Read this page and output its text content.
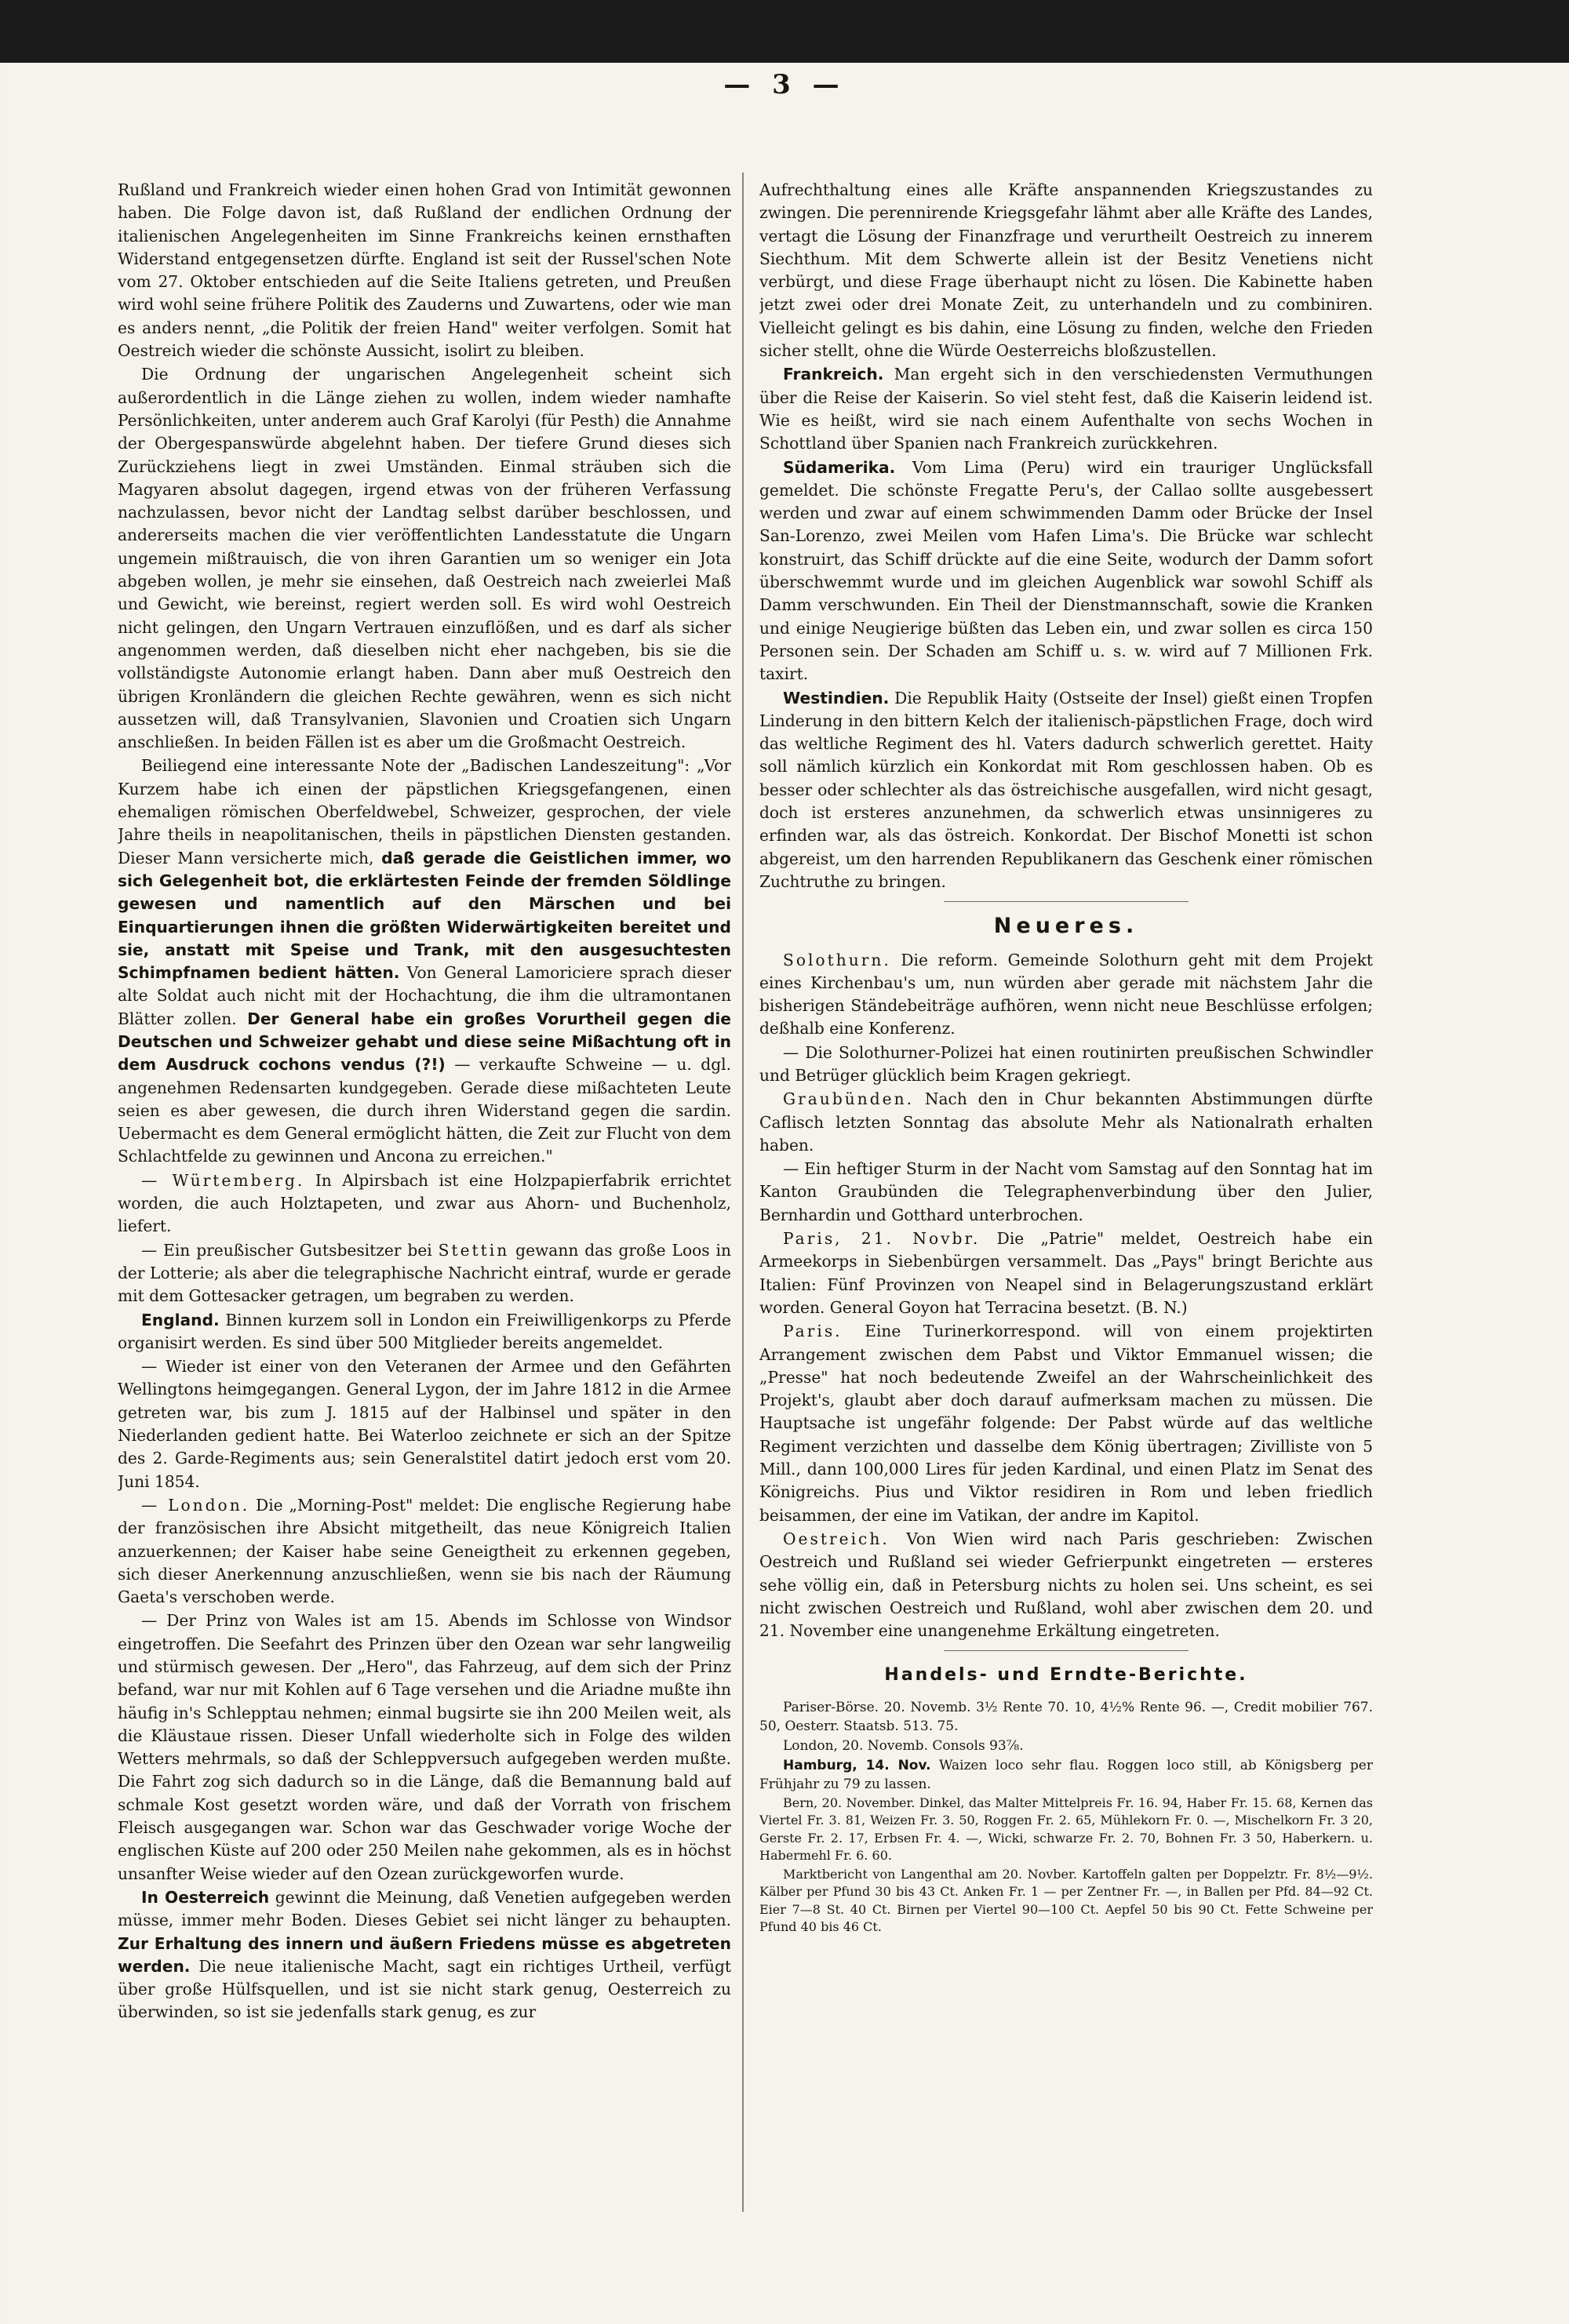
— 3 —

Rußland und Frankreich wieder einen hohen Grad von Intimität gewonnen haben. Die Folge davon ist, daß Rußland der endlichen Ordnung der italienischen Angelegenheiten im Sinne Frankreichs keinen ernsthaften Widerstand entgegensetzen dürfte. England ist seit der Russel'schen Note vom 27. Oktober entschieden auf die Seite Italiens getreten, und Preußen wird wohl seine frühere Politik des Zauderns und Zuwartens, oder wie man es anders nennt, „die Politik der freien Hand" weiter verfolgen. Somit hat Oestreich wieder die schönste Aussicht, isolirt zu bleiben.

Die Ordnung der ungarischen Angelegenheit scheint sich außerordentlich in die Länge ziehen zu wollen, indem wieder namhafte Persönlichkeiten, unter anderem auch Graf Karolyi (für Pesth) die Annahme der Obergespanswürde abgelehnt haben. Der tiefere Grund dieses sich Zurückziehens liegt in zwei Umständen. Einmal sträuben sich die Magyaren absolut dagegen, irgend etwas von der früheren Verfassung nachzulassen, bevor nicht der Landtag selbst darüber beschlossen, und andererseits machen die vier veröffentlichten Landesstatute die Ungarn ungemein mißtrauisch, die von ihren Garantien um so weniger ein Jota abgeben wollen, je mehr sie einsehen, daß Oestreich nach zweierlei Maß und Gewicht, wie bereinst, regiert werden soll. Es wird wohl Oestreich nicht gelingen, den Ungarn Vertrauen einzuflößen, und es darf als sicher angenommen werden, daß dieselben nicht eher nachgeben, bis sie die vollständigste Autonomie erlangt haben. Dann aber muß Oestreich den übrigen Kronländern die gleichen Rechte gewähren, wenn es sich nicht aussetzen will, daß Transylvanien, Slavonien und Croatien sich Ungarn anschließen. In beiden Fällen ist es aber um die Großmacht Oestreich.

Beiliegend eine interessante Note der „Badischen Landeszeitung": „Vor Kurzem habe ich einen der päpstlichen Kriegsgefangenen, einen ehemaligen römischen Oberfeldwebel, Schweizer, gesprochen, der viele Jahre theils in neapolitanischen, theils in päpstlichen Diensten gestanden. Dieser Mann versicherte mich, daß gerade die Geistlichen immer, wo sich Gelegenheit bot, die erklärtesten Feinde der fremden Söldlinge gewesen und namentlich auf den Märschen und bei Einquartierungen ihnen die größten Widerwärtigkeiten bereitet und sie, anstatt mit Speise und Trank, mit den ausgesuchtesten Schimpfnamen bedient hätten. Von General Lamoriciere sprach dieser alte Soldat auch nicht mit der Hochachtung, die ihm die ultramontanen Blätter zollen. Der General habe ein großes Vorurtheil gegen die Deutschen und Schweizer gehabt und diese seine Mißachtung oft in dem Ausdruck cochons vendus (?!) — verkaufte Schweine — u. dgl. angenehmen Redensarten kundgegeben. Gerade diese mißachteten Leute seien es aber gewesen, die durch ihren Widerstand gegen die sardin. Uebermacht es dem General ermöglicht hätten, die Zeit zur Flucht von dem Schlachtfelde zu gewinnen und Ancona zu erreichen."

— Würtemberg. In Alpirsbach ist eine Holzpapierfabrik errichtet worden, die auch Holztapeten, und zwar aus Ahorn- und Buchenholz, liefert.

— Ein preußischer Gutsbesitzer bei Stettin gewann das große Loos in der Lotterie; als aber die telegraphische Nachricht eintraf, wurde er gerade mit dem Gottesacker getragen, um begraben zu werden.

England. Binnen kurzem soll in London ein Freiwilligenkorps zu Pferde organisirt werden. Es sind über 500 Mitglieder bereits angemeldet.

— Wieder ist einer von den Veteranen der Armee und den Gefährten Wellingtons heimgegangen. General Lygon, der im Jahre 1812 in die Armee getreten war, bis zum J. 1815 auf der Halbinsel und später in den Niederlanden gedient hatte. Bei Waterloo zeichnete er sich an der Spitze des 2. Garde-Regiments aus; sein Generalstitel datirt jedoch erst vom 20. Juni 1854.

— London. Die „Morning-Post" meldet: Die englische Regierung habe der französischen ihre Absicht mitgetheilt, das neue Königreich Italien anzuerkennen; der Kaiser habe seine Geneigtheit zu erkennen gegeben, sich dieser Anerkennung anzuschließen, wenn sie bis nach der Räumung Gaeta's verschoben werde.

— Der Prinz von Wales ist am 15. Abends im Schlosse von Windsor eingetroffen. Die Seefahrt des Prinzen über den Ozean war sehr langweilig und stürmisch gewesen. Der „Hero", das Fahrzeug, auf dem sich der Prinz befand, war nur mit Kohlen auf 6 Tage versehen und die Ariadne mußte ihn häufig in's Schlepptau nehmen; einmal bugsirte sie ihn 200 Meilen weit, als die Kläustaue rissen. Dieser Unfall wiederholte sich in Folge des wilden Wetters mehrmals, so daß der Schleppversuch aufgegeben werden mußte. Die Fahrt zog sich dadurch so in die Länge, daß die Bemannung bald auf schmale Kost gesetzt worden wäre, und daß der Vorrath von frischem Fleisch ausgegangen war. Schon war das Geschwader vorige Woche der englischen Küste auf 200 oder 250 Meilen nahe gekommen, als es in höchst unsanfter Weise wieder auf den Ozean zurückgeworfen wurde.

In Oesterreich gewinnt die Meinung, daß Venetien aufgegeben werden müsse, immer mehr Boden. Dieses Gebiet sei nicht länger zu behaupten. Zur Erhaltung des innern und äußern Friedens müsse es abgetreten werden. Die neue italienische Macht, sagt ein richtiges Urtheil, verfügt über große Hülfsquellen, und ist sie nicht stark genug, Oesterreich zu überwinden, so ist sie jedenfalls stark genug, es zur

Aufrechthaltung eines alle Kräfte anspannenden Kriegszustandes zu zwingen. Die perennirende Kriegsgefahr lähmt aber alle Kräfte des Landes, vertagt die Lösung der Finanzfrage und verurtheilt Oestreich zu innerem Siechthum. Mit dem Schwerte allein ist der Besitz Venetiens nicht verbürgt, und diese Frage überhaupt nicht zu lösen. Die Kabinette haben jetzt zwei oder drei Monate Zeit, zu unterhandeln und zu combiniren. Vielleicht gelingt es bis dahin, eine Lösung zu finden, welche den Frieden sicher stellt, ohne die Würde Oesterreichs bloßzustellen.

Frankreich. Man ergeht sich in den verschiedensten Vermuthungen über die Reise der Kaiserin. So viel steht fest, daß die Kaiserin leidend ist. Wie es heißt, wird sie nach einem Aufenthalte von sechs Wochen in Schottland über Spanien nach Frankreich zurückkehren.

Südamerika. Vom Lima (Peru) wird ein trauriger Unglücksfall gemeldet. Die schönste Fregatte Peru's, der Callao sollte ausgebessert werden und zwar auf einem schwimmenden Damm oder Brücke der Insel San-Lorenzo, zwei Meilen vom Hafen Lima's. Die Brücke war schlecht konstruirt, das Schiff drückte auf die eine Seite, wodurch der Damm sofort überschwemmt wurde und im gleichen Augenblick war sowohl Schiff als Damm verschwunden. Ein Theil der Dienstmannschaft, sowie die Kranken und einige Neugierige büßten das Leben ein, und zwar sollen es circa 150 Personen sein. Der Schaden am Schiff u. s. w. wird auf 7 Millionen Frk. taxirt.

Westindien. Die Republik Haity (Ostseite der Insel) gießt einen Tropfen Linderung in den bittern Kelch der italienisch-päpstlichen Frage, doch wird das weltliche Regiment des hl. Vaters dadurch schwerlich gerettet. Haity soll nämlich kürzlich ein Konkordat mit Rom geschlossen haben. Ob es besser oder schlechter als das östreichische ausgefallen, wird nicht gesagt, doch ist ersteres anzunehmen, da schwerlich etwas unsinnigeres zu erfinden war, als das östreich. Konkordat. Der Bischof Monetti ist schon abgereist, um den harrenden Republikanern das Geschenk einer römischen Zuchtruthe zu bringen.

Neueres.

Solothurn. Die reform. Gemeinde Solothurn geht mit dem Projekt eines Kirchenbau's um, nun würden aber gerade mit nächstem Jahr die bisherigen Ständebeiträge aufhören, wenn nicht neue Beschlüsse erfolgen; deßhalb eine Konferenz.

— Die Solothurner-Polizei hat einen routinirten preußischen Schwindler und Betrüger glücklich beim Kragen gekriegt.

Graubünden. Nach den in Chur bekannten Abstimmungen dürfte Caflisch letzten Sonntag das absolute Mehr als Nationalrath erhalten haben.

— Ein heftiger Sturm in der Nacht vom Samstag auf den Sonntag hat im Kanton Graubünden die Telegraphenverbindung über den Julier, Bernhardin und Gotthard unterbrochen.

Paris, 21. Novbr. Die „Patrie" meldet, Oestreich habe ein Armeekorps in Siebenbürgen versammelt. Das „Pays" bringt Berichte aus Italien: Fünf Provinzen von Neapel sind in Belagerungszustand erklärt worden. General Goyon hat Terracina besetzt. (B. N.)

Paris. Eine Turinerkorrespond. will von einem projektirten Arrangement zwischen dem Pabst und Viktor Emmanuel wissen; die „Presse" hat noch bedeutende Zweifel an der Wahrscheinlichkeit des Projekt's, glaubt aber doch darauf aufmerksam machen zu müssen. Die Hauptsache ist ungefähr folgende: Der Pabst würde auf das weltliche Regiment verzichten und dasselbe dem König übertragen; Zivilliste von 5 Mill., dann 100,000 Lires für jeden Kardinal, und einen Platz im Senat des Königreichs. Pius und Viktor residiren in Rom und leben friedlich beisammen, der eine im Vatikan, der andre im Kapitol.

Oestreich. Von Wien wird nach Paris geschrieben: Zwischen Oestreich und Rußland sei wieder Gefrierpunkt eingetreten — ersteres sehe völlig ein, daß in Petersburg nichts zu holen sei. Uns scheint, es sei nicht zwischen Oestreich und Rußland, wohl aber zwischen dem 20. und 21. November eine unangenehme Erkältung eingetreten.

Handels- und Erndte-Berichte.

Pariser-Börse. 20. Novemb. 3½ Rente 70. 10, 4½% Rente 96. —, Credit mobilier 767. 50, Oesterr. Staatsb. 513. 75.

London, 20. Novemb. Consols 93⅞.

Hamburg, 14. Nov. Waizen loco sehr flau. Roggen loco still, ab Königsberg per Frühjahr zu 79 zu lassen.

Bern, 20. November. Dinkel, das Malter Mittelpreis Fr. 16. 94, Haber Fr. 15. 68, Kernen das Viertel Fr. 3. 81, Weizen Fr. 3. 50, Roggen Fr. 2. 65, Mühlekorn Fr. 0. —, Mischelkorn Fr. 3 20, Gerste Fr. 2. 17, Erbsen Fr. 4. —, Wicki, schwarze Fr. 2. 70, Bohnen Fr. 3 50, Haberkern. u. Habermehl Fr. 6. 60.

Marktbericht von Langenthal am 20. Novber. Kartoffeln galten per Doppelztr. Fr. 8½—9½. Kälber per Pfund 30 bis 43 Ct. Anken Fr. 1 — per Zentner Fr. —, in Ballen per Pfd. 84—92 Ct. Eier 7—8 St. 40 Ct. Birnen per Viertel 90—100 Ct. Aepfel 50 bis 90 Ct. Fette Schweine per Pfund 40 bis 46 Ct.
